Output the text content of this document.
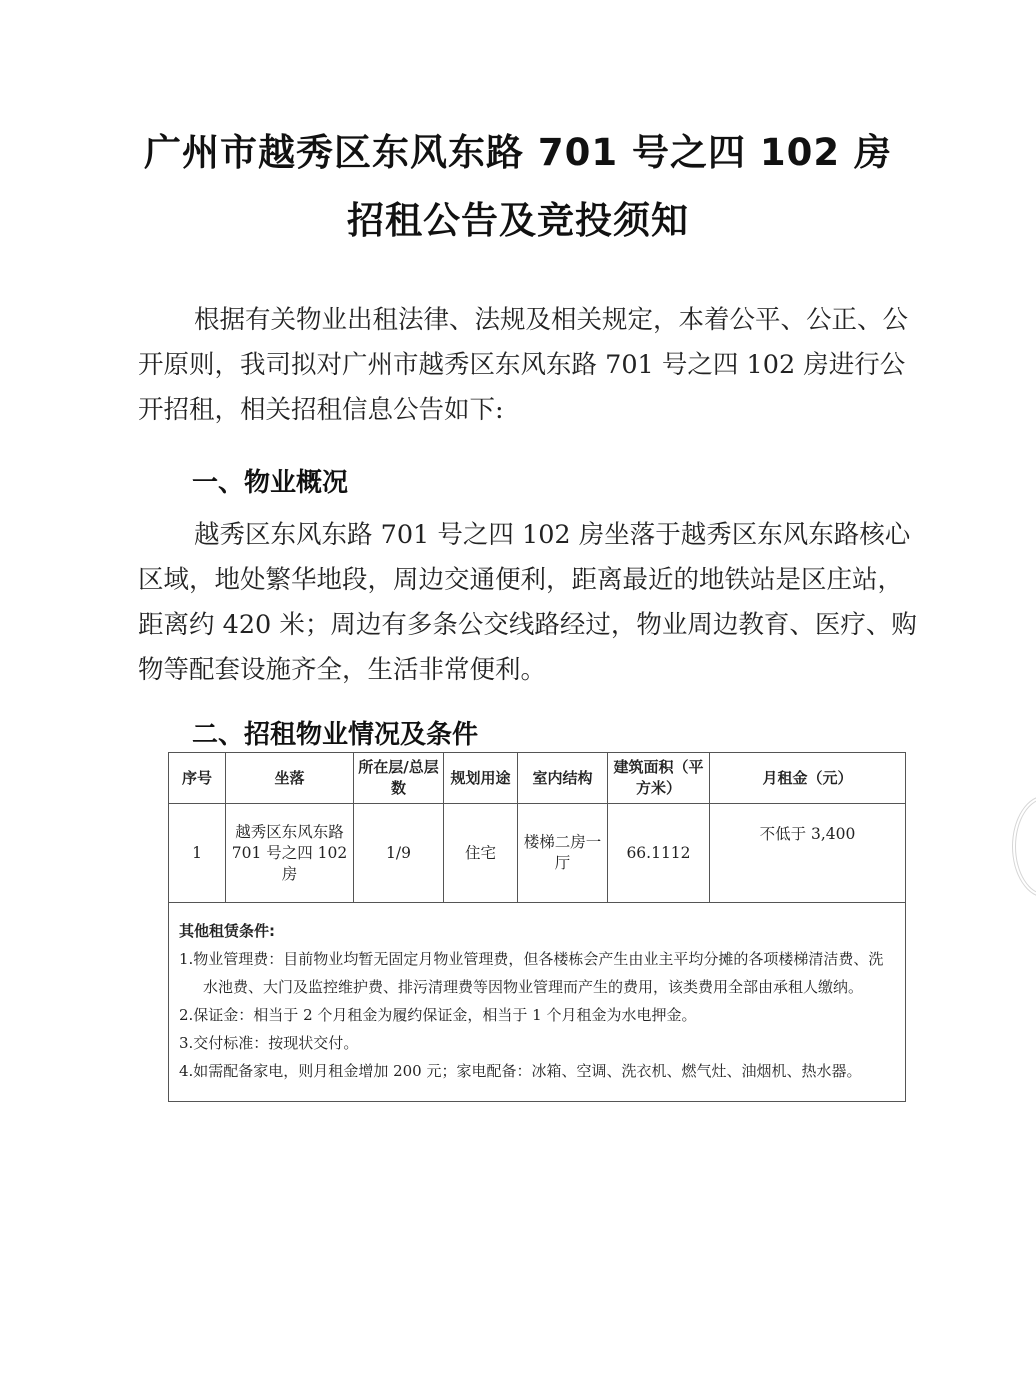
广州市越秀区东风东路 701 号之四 102 房
招租公告及竞投须知
根据有关物业出租法律、法规及相关规定，本着公平、公正、公开原则，我司拟对广州市越秀区东风东路 701 号之四 102 房进行公开招租，相关招租信息公告如下:
一、物业概况
越秀区东风东路 701 号之四 102 房坐落于越秀区东风东路核心区域，地处繁华地段，周边交通便利，距离最近的地铁站是区庄站，距离约 420 米；周边有多条公交线路经过，物业周边教育、医疗、购物等配套设施齐全，生活非常便利。
二、招租物业情况及条件
序号	坐落	所在层/总层数	规划用途	室内结构	建筑面积（平方米）	月租金（元）
1	越秀区东风东路 701 号之四 102 房	1/9	住宅	楼梯二房一厅	66.1112	不低于 3,400

其他租赁条件:
1.物业管理费：目前物业均暂无固定月物业管理费，但各楼栋会产生由业主平均分摊的各项楼梯清洁费、洗水池费、大门及监控维护费、排污清理费等因物业管理而产生的费用，该类费用全部由承租人缴纳。
2.保证金：相当于 2 个月租金为履约保证金，相当于 1 个月租金为水电押金。
3.交付标准：按现状交付。
4.如需配备家电，则月租金增加 200 元；家电配备：冰箱、空调、洗衣机、燃气灶、油烟机、热水器。						
